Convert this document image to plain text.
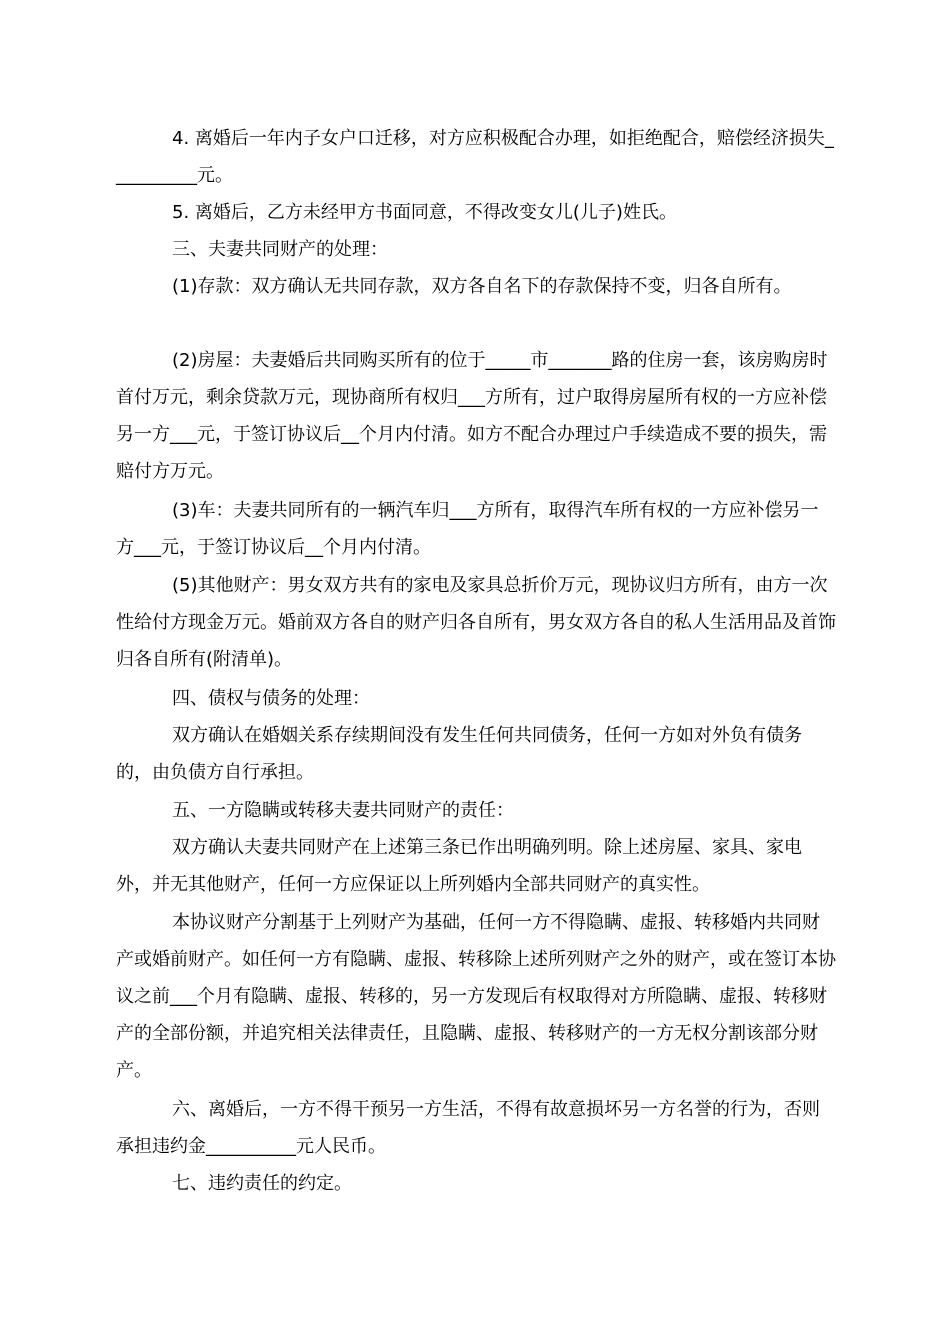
4. 离婚后一年内子女户口迁移，对方应积极配合办理，如拒绝配合，赔偿经济损失__________元。

5. 离婚后，乙方未经甲方书面同意，不得改变女儿(儿子)姓氏。

三、夫妻共同财产的处理：

(1)存款：双方确认无共同存款，双方各自名下的存款保持不变，归各自所有。

(2)房屋：夫妻婚后共同购买所有的位于_____市_______路的住房一套，该房购房时首付万元，剩余贷款万元，现协商所有权归___方所有，过户取得房屋所有权的一方应补偿另一方___元，于签订协议后__个月内付清。如方不配合办理过户手续造成不要的损失，需赔付方万元。

(3)车：夫妻共同所有的一辆汽车归___方所有，取得汽车所有权的一方应补偿另一方___元，于签订协议后__个月内付清。

(5)其他财产：男女双方共有的家电及家具总折价万元，现协议归方所有，由方一次性给付方现金万元。婚前双方各自的财产归各自所有，男女双方各自的私人生活用品及首饰归各自所有(附清单)。

四、债权与债务的处理：

双方确认在婚姻关系存续期间没有发生任何共同债务，任何一方如对外负有债务的，由负债方自行承担。

五、一方隐瞒或转移夫妻共同财产的责任：

双方确认夫妻共同财产在上述第三条已作出明确列明。除上述房屋、家具、家电外，并无其他财产，任何一方应保证以上所列婚内全部共同财产的真实性。

本协议财产分割基于上列财产为基础，任何一方不得隐瞒、虚报、转移婚内共同财产或婚前财产。如任何一方有隐瞒、虚报、转移除上述所列财产之外的财产，或在签订本协议之前___个月有隐瞒、虚报、转移的，另一方发现后有权取得对方所隐瞒、虚报、转移财产的全部份额，并追究相关法律责任，且隐瞒、虚报、转移财产的一方无权分割该部分财产。

六、离婚后，一方不得干预另一方生活，不得有故意损坏另一方名誉的行为，否则承担违约金__________元人民币。

七、违约责任的约定。
